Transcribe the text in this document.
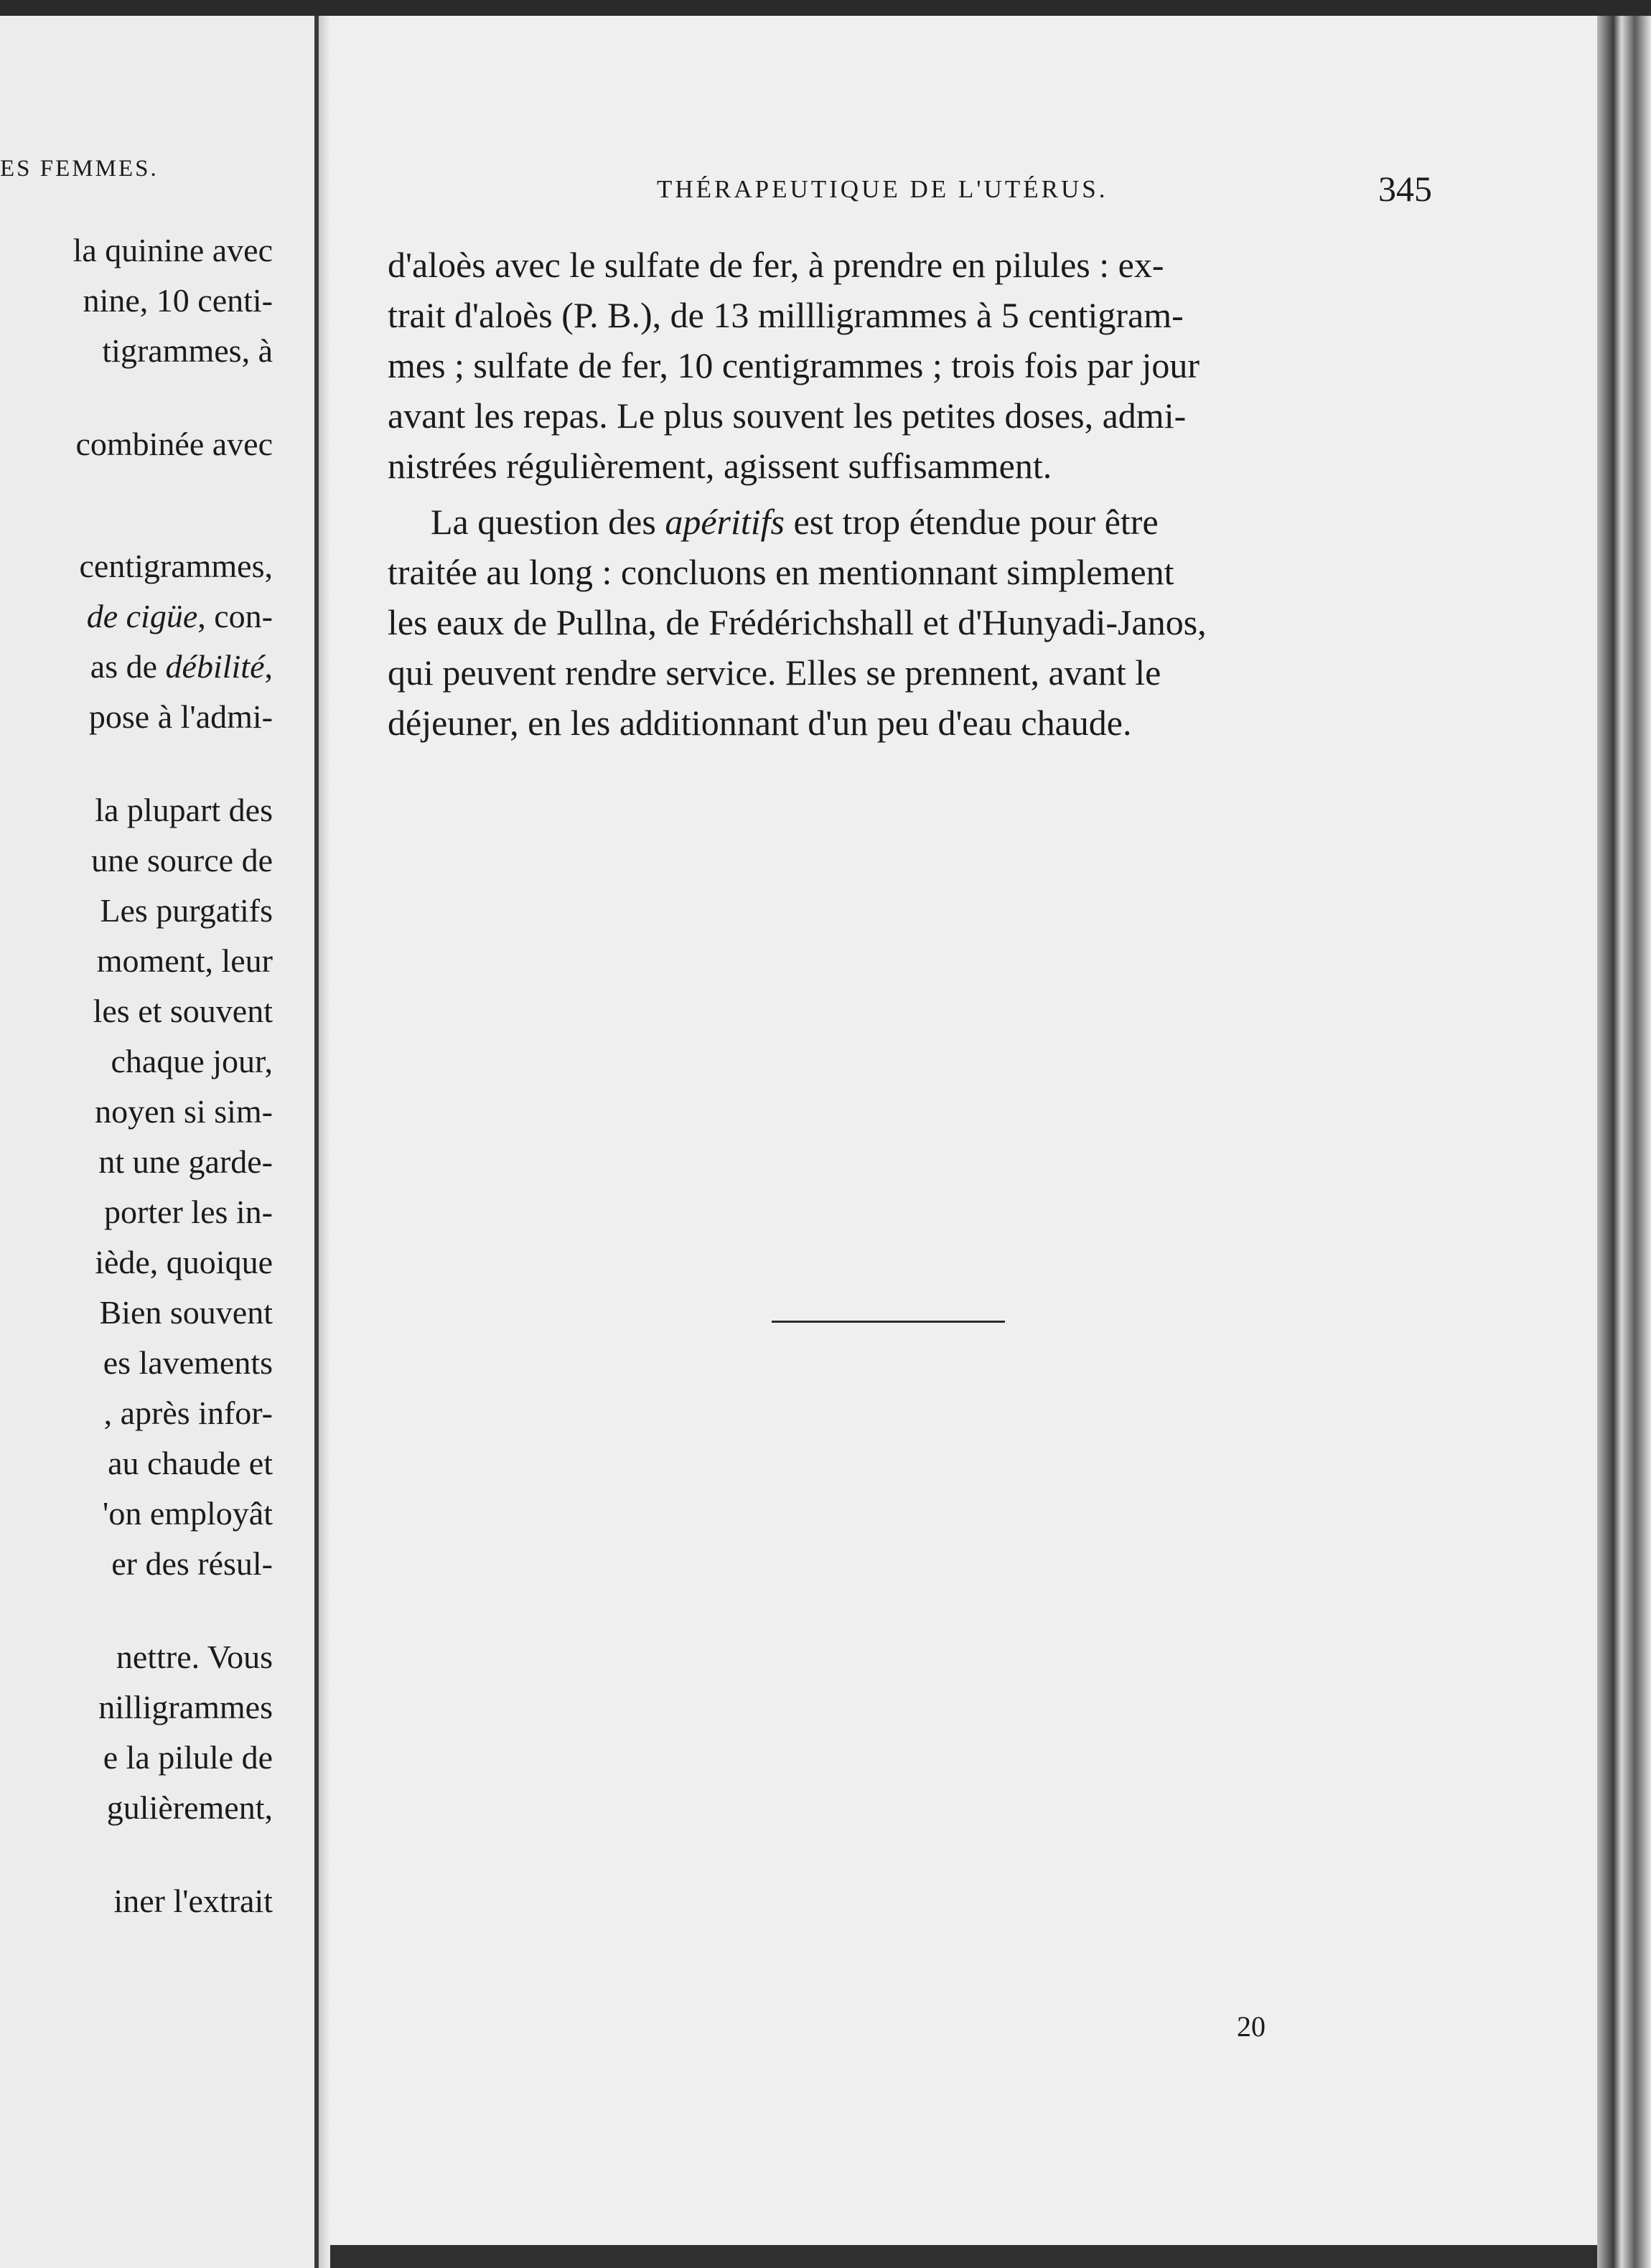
ES FEMMES.
la quinine avec
nine, 10 centi-
tigrammes, à
combinée avec
centigrammes,
de cigüe, con-
as de débilité,
pose à l'admi-
la plupart des
une source de
Les purgatifs
moment, leur
les et souvent
chaque jour,
noyen si sim-
nt une garde-
porter les in-
iède, quoique
Bien souvent
es lavements
, après infor-
au chaude et
'on employât
er des résul-
nettre. Vous
nilligrammes
e la pilule de
gulièrement,
iner l'extrait
THÉRAPEUTIQUE DE L'UTÉRUS.	345
d'aloès avec le sulfate de fer, à prendre en pilules : ex-
trait d'aloès (P. B.), de 13 millligrammes à 5 centigram-
mes ; sulfate de fer, 10 centigrammes ; trois fois par jour
avant les repas. Le plus souvent les petites doses, admi-
nistrées régulièrement, agissent suffisamment.
La question des apéritifs est trop étendue pour être
traitée au long : concluons en mentionnant simplement
les eaux de Pullna, de Frédérichshall et d'Hunyadi-Janos,
qui peuvent rendre service. Elles se prennent, avant le
déjeuner, en les additionnant d'un peu d'eau chaude.
20
